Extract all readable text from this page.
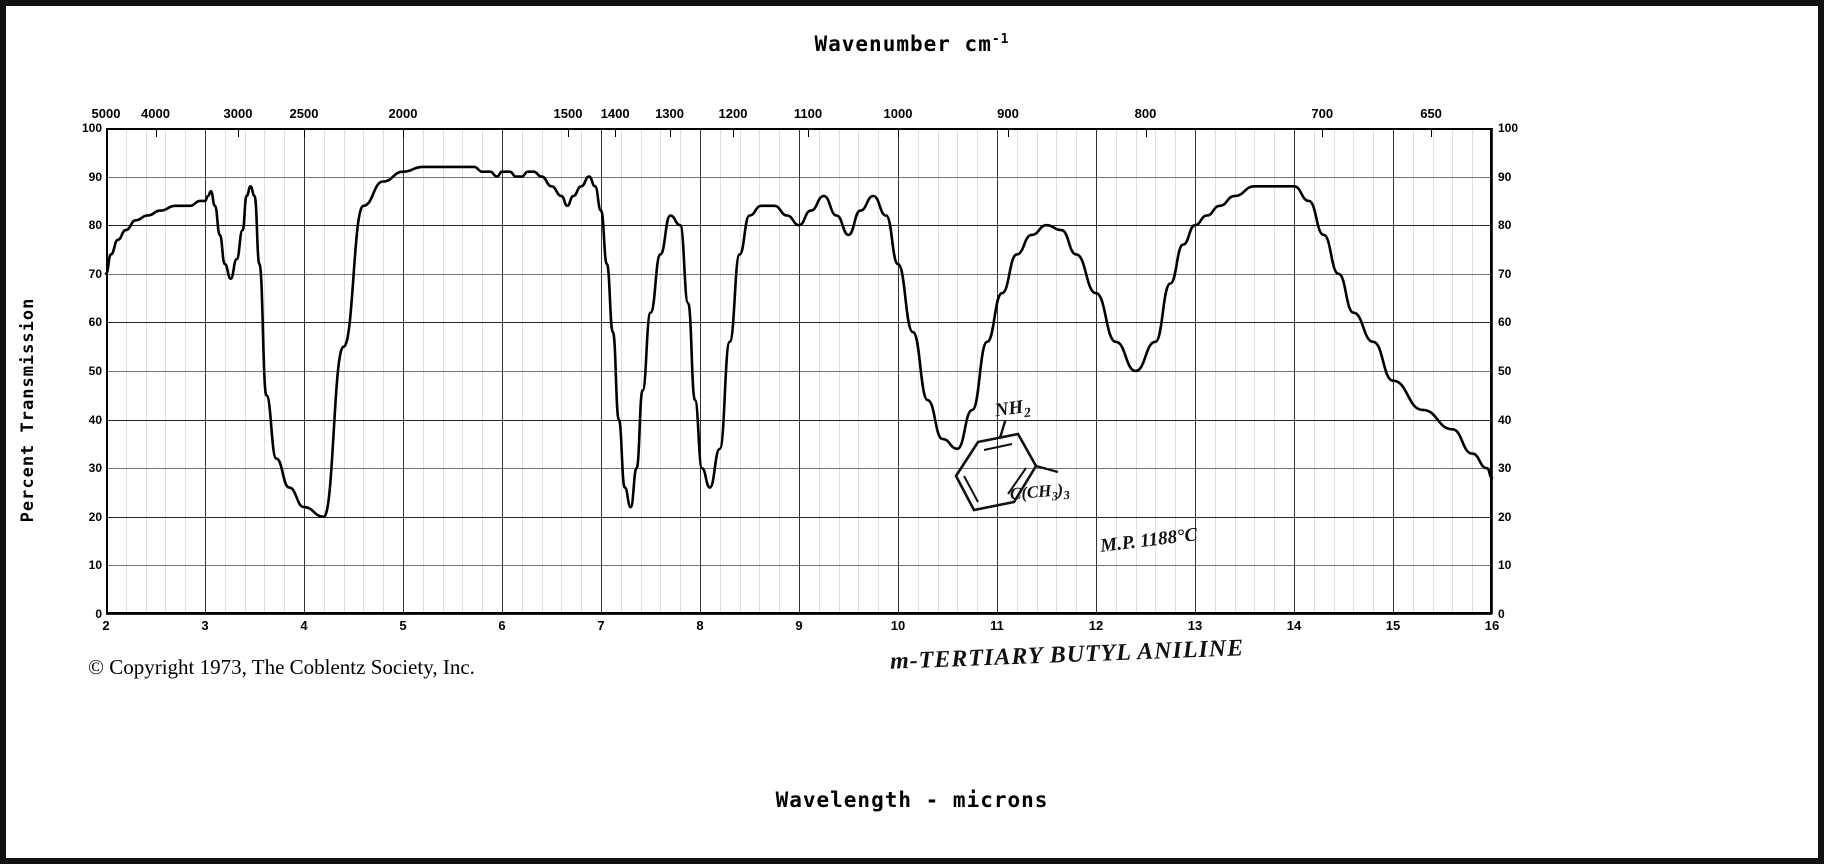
Wavenumber $cm^{-1}$
Percent Transmission
100	100
90	90
80	80
70	70
60	60
50	50
40	40
30	30
20	20
10	10
0	0
2	3	4	5	6	7	8	9	10	11	12	13	14	15	16
5000 4000	3000	2500	2000	1500 1400 1300	1200	1100	1000	900	800	700	650
$NH_2$
$C(CH_3)_3$
M.P. 1188°C
m-TERTIARY BUTYL ANILINE
© Copyright 1973, The Coblentz Society, Inc.
Wavelength - microns
